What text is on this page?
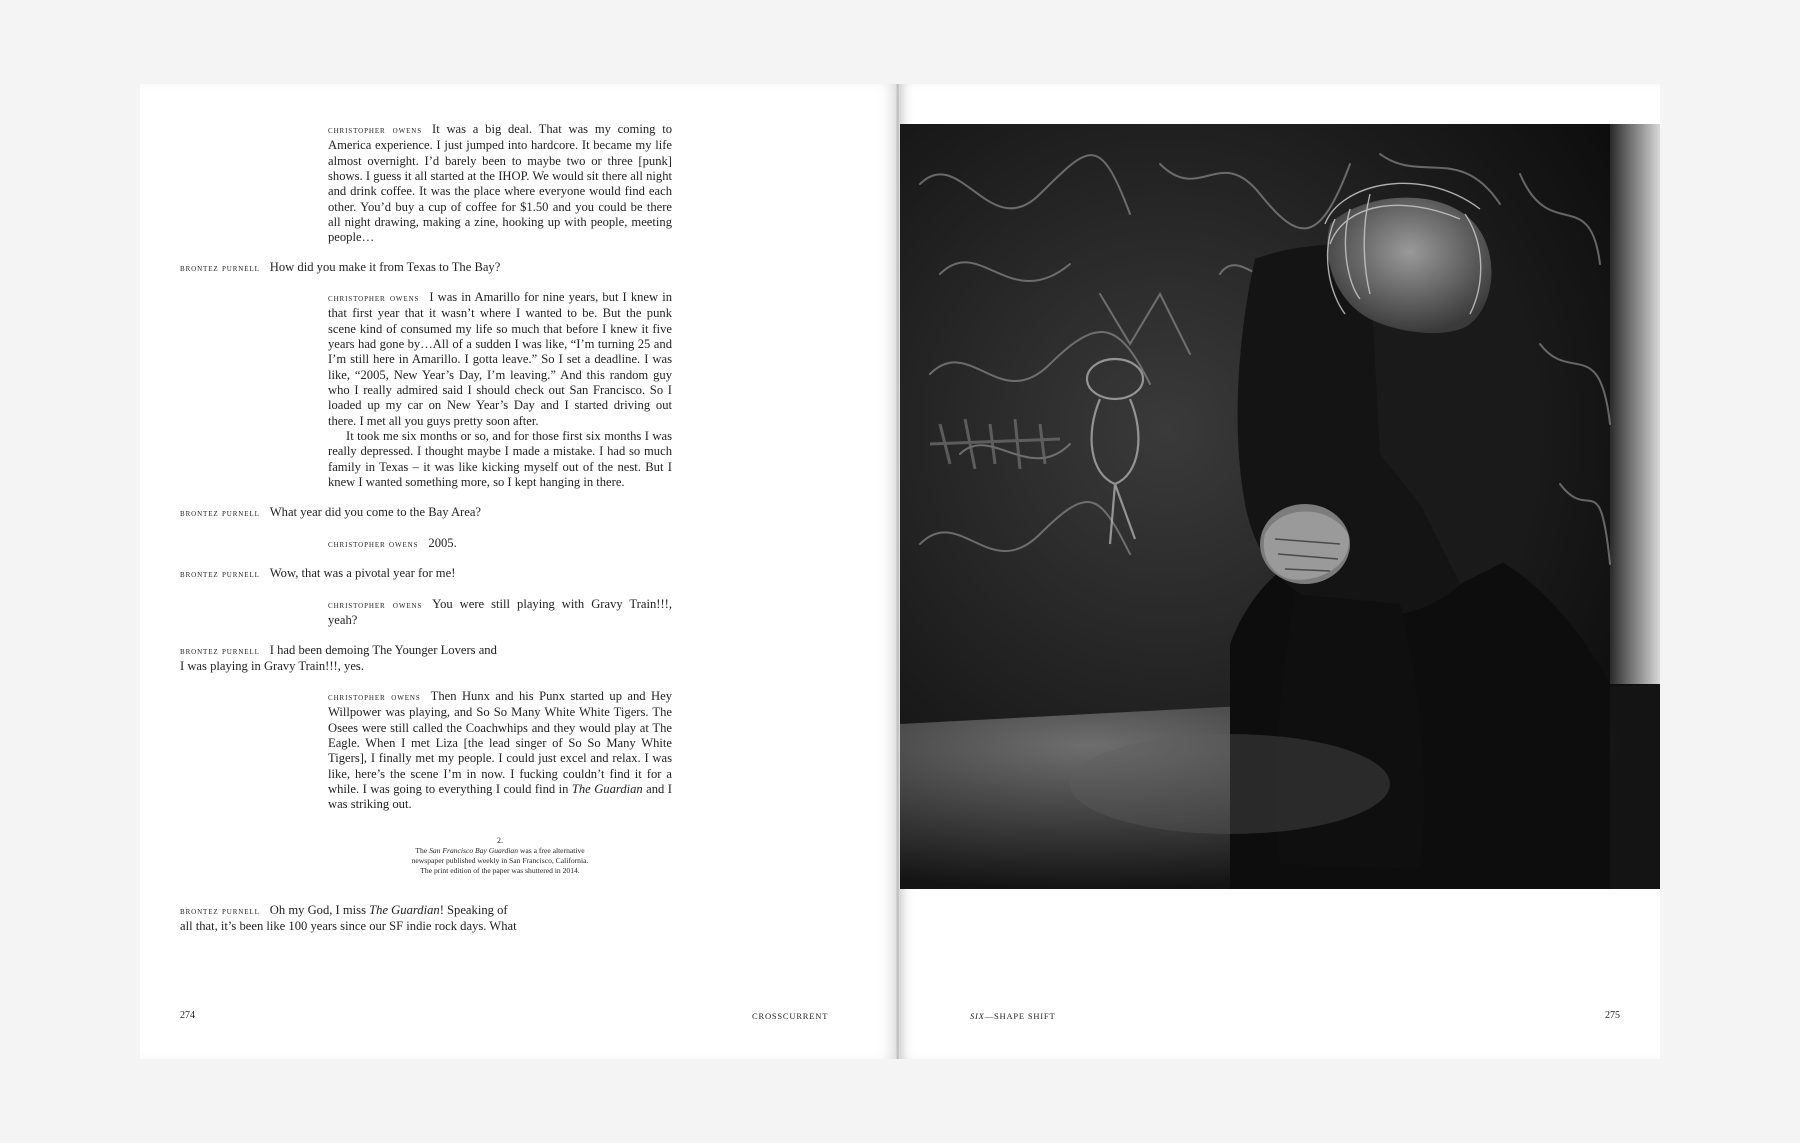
christopher owens It was a big deal. That was my coming to America experience. I just jumped into hardcore. It became my life almost overnight. I’d barely been to maybe two or three [punk] shows. I guess it all started at the IHOP. We would sit there all night and drink coffee. It was the place where everyone would find each other. You’d buy a cup of coffee for $1.50 and you could be there all night drawing, making a zine, hooking up with people, meeting people…

brontez purnell How did you make it from Texas to The Bay?

christopher owens I was in Amarillo for nine years, but I knew in that first year that it wasn’t where I wanted to be. But the punk scene kind of consumed my life so much that before I knew it five years had gone by…All of a sudden I was like, “I’m turning 25 and I’m still here in Amarillo. I gotta leave.” So I set a deadline. I was like, “2005, New Year’s Day, I’m leaving.” And this random guy who I really admired said I should check out San Francisco. So I loaded up my car on New Year’s Day and I started driving out there. I met all you guys pretty soon after.

It took me six months or so, and for those first six months I was really depressed. I thought maybe I made a mistake. I had so much family in Texas – it was like kicking myself out of the nest. But I knew I wanted something more, so I kept hanging in there.

brontez purnell What year did you come to the Bay Area?

christopher owens 2005.

brontez purnell Wow, that was a pivotal year for me!

christopher owens You were still playing with Gravy Train!!!, yeah?

brontez purnell I had been demoing The Younger Lovers and
I was playing in Gravy Train!!!, yes.

christopher owens Then Hunx and his Punx started up and Hey Willpower was playing, and So So Many White White Tigers. The Osees were still called the Coachwhips and they would play at The Eagle. When I met Liza [the lead singer of So So Many White Tigers], I finally met my people. I could just excel and relax. I was like, here’s the scene I’m in now. I fucking couldn’t find it for a while. I was going to everything I could find in The Guardian and I was striking out.

2.
The San Francisco Bay Guardian was a free alternative
newspaper published weekly in San Francisco, California.
The print edition of the paper was shuttered in 2014.
brontez purnell Oh my God, I miss The Guardian! Speaking of
all that, it’s been like 100 years since our SF indie rock days. What
274	CROSSCURRENT	SIX—SHAPE SHIFT	275
